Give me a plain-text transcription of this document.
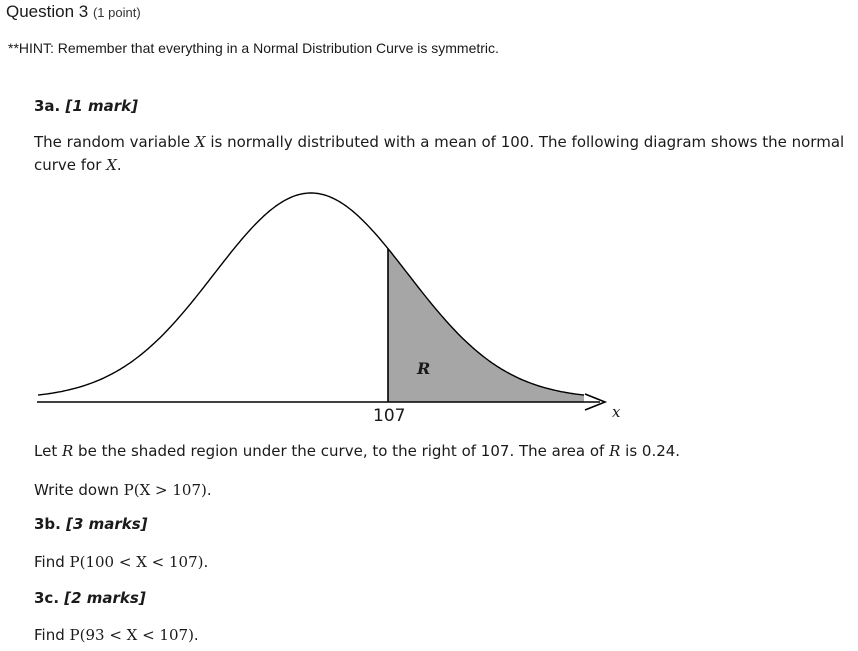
Question 3 (1 point)
**HINT: Remember that everything in a Normal Distribution Curve is symmetric.
3a. [1 mark]
The random variable X is normally distributed with a mean of 100. The following diagram shows the normal
curve for X.
R
107	x
Let R be the shaded region under the curve, to the right of 107. The area of R is 0.24.
Write down P(X > 107).
3b. [3 marks]
Find P(100 < X < 107).
3c. [2 marks]
Find P(93 < X < 107).
